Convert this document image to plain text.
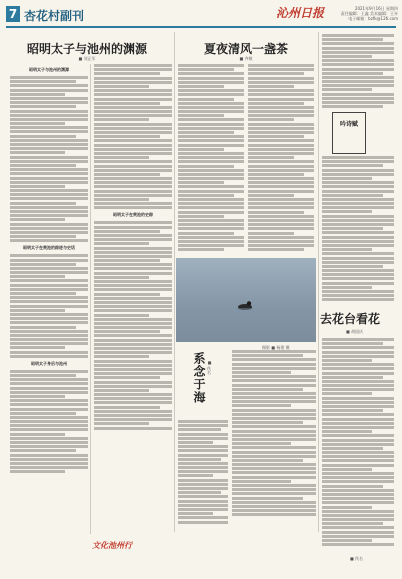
7 杏花村副刊	沁州日报	2021年9月16日 星期四
责任编辑：王鑫 美术编辑：王卉
电子邮箱：bzfk@126.com
昭明太子与池州的渊源
■ 刘正军
昭明太子与池州的渊源
昭明太子在贵池的踪迹与史话
昭明太子身后与池州
昭明太子在贵池的史踪
文化池州行
夏夜清风一盏茶
■ 齐敏
摄影 ■ 杨建 摄
系念于海 ■ 佚名
吟诗赋
去花台看花
■ 胡国庆
■ 佚名
